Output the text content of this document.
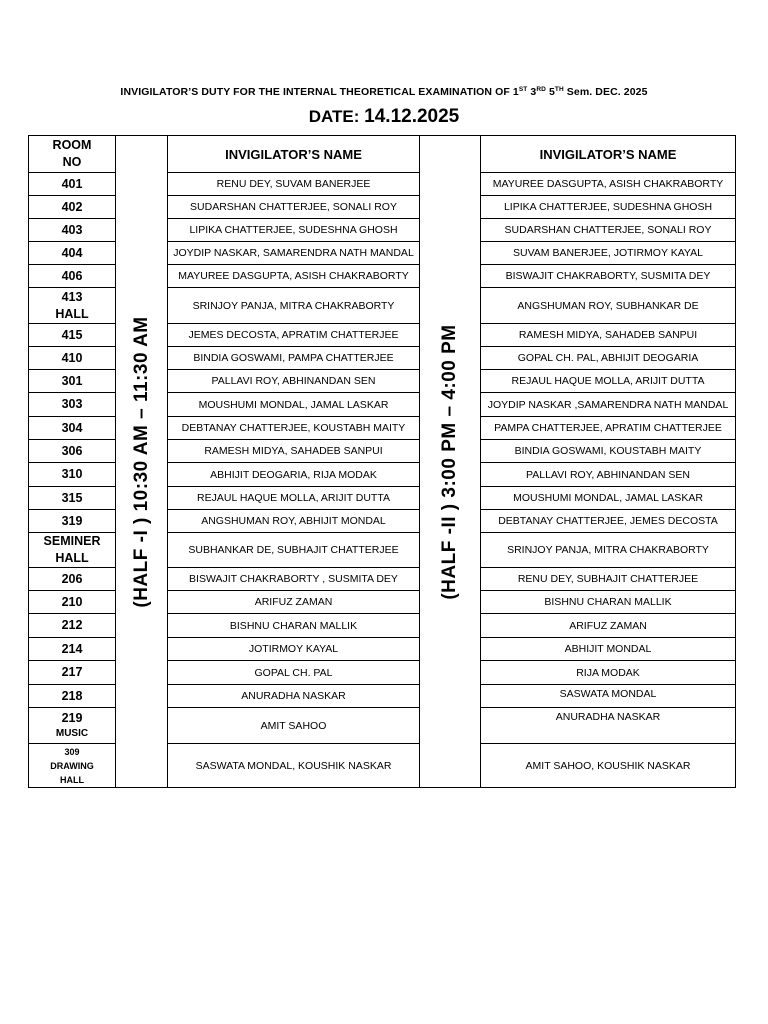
INVIGILATOR’S DUTY FOR THE INTERNAL THEORETICAL EXAMINATION OF 1ST 3RD 5TH Sem. DEC. 2025
DATE: 14.12.2025
ROOM
NO	(HALF -I ) 10:30 AM – 11:30 AM	INVIGILATOR’S NAME	(HALF -II ) 3:00 PM – 4:00 PM	INVIGILATOR’S NAME

401		RENU DEY, SUVAM BANERJEE		MAYUREE DASGUPTA, ASISH CHAKRABORTY

402		SUDARSHAN CHATTERJEE, SONALI ROY		LIPIKA CHATTERJEE, SUDESHNA GHOSH

403		LIPIKA CHATTERJEE, SUDESHNA GHOSH		SUDARSHAN CHATTERJEE, SONALI ROY

404		JOYDIP NASKAR, SAMARENDRA NATH MANDAL		SUVAM BANERJEE, JOTIRMOY KAYAL

406		MAYUREE DASGUPTA, ASISH CHAKRABORTY		BISWAJIT CHAKRABORTY, SUSMITA DEY

413
HALL		SRINJOY PANJA, MITRA CHAKRABORTY		ANGSHUMAN ROY, SUBHANKAR DE

415		JEMES DECOSTA, APRATIM CHATTERJEE		RAMESH MIDYA, SAHADEB SANPUI

410		BINDIA GOSWAMI, PAMPA CHATTERJEE		GOPAL CH. PAL, ABHIJIT DEOGARIA

301		PALLAVI ROY, ABHINANDAN SEN		REJAUL HAQUE MOLLA, ARIJIT DUTTA

303		MOUSHUMI MONDAL, JAMAL LASKAR		JOYDIP NASKAR ,SAMARENDRA NATH MANDAL

304		DEBTANAY CHATTERJEE, KOUSTABH MAITY		PAMPA CHATTERJEE, APRATIM CHATTERJEE

306		RAMESH MIDYA, SAHADEB SANPUI		BINDIA GOSWAMI, KOUSTABH MAITY

310		ABHIJIT DEOGARIA, RIJA MODAK		PALLAVI ROY, ABHINANDAN SEN

315		REJAUL HAQUE MOLLA, ARIJIT DUTTA		MOUSHUMI MONDAL, JAMAL LASKAR

319		ANGSHUMAN ROY, ABHIJIT MONDAL		DEBTANAY CHATTERJEE, JEMES DECOSTA

SEMINER
HALL		SUBHANKAR DE, SUBHAJIT CHATTERJEE		SRINJOY PANJA, MITRA CHAKRABORTY

206		BISWAJIT CHAKRABORTY , SUSMITA DEY		RENU DEY, SUBHAJIT CHATTERJEE

210		ARIFUZ ZAMAN		BISHNU CHARAN MALLIK

212		BISHNU CHARAN MALLIK		ARIFUZ ZAMAN

214		JOTIRMOY KAYAL		ABHIJIT MONDAL

217		GOPAL CH. PAL		RIJA MODAK

218		ANURADHA NASKAR		SASWATA MONDAL

219
MUSIC		AMIT SAHOO		ANURADHA NASKAR

309
DRAWING
HALL		SASWATA MONDAL, KOUSHIK NASKAR		AMIT SAHOO, KOUSHIK NASKAR
